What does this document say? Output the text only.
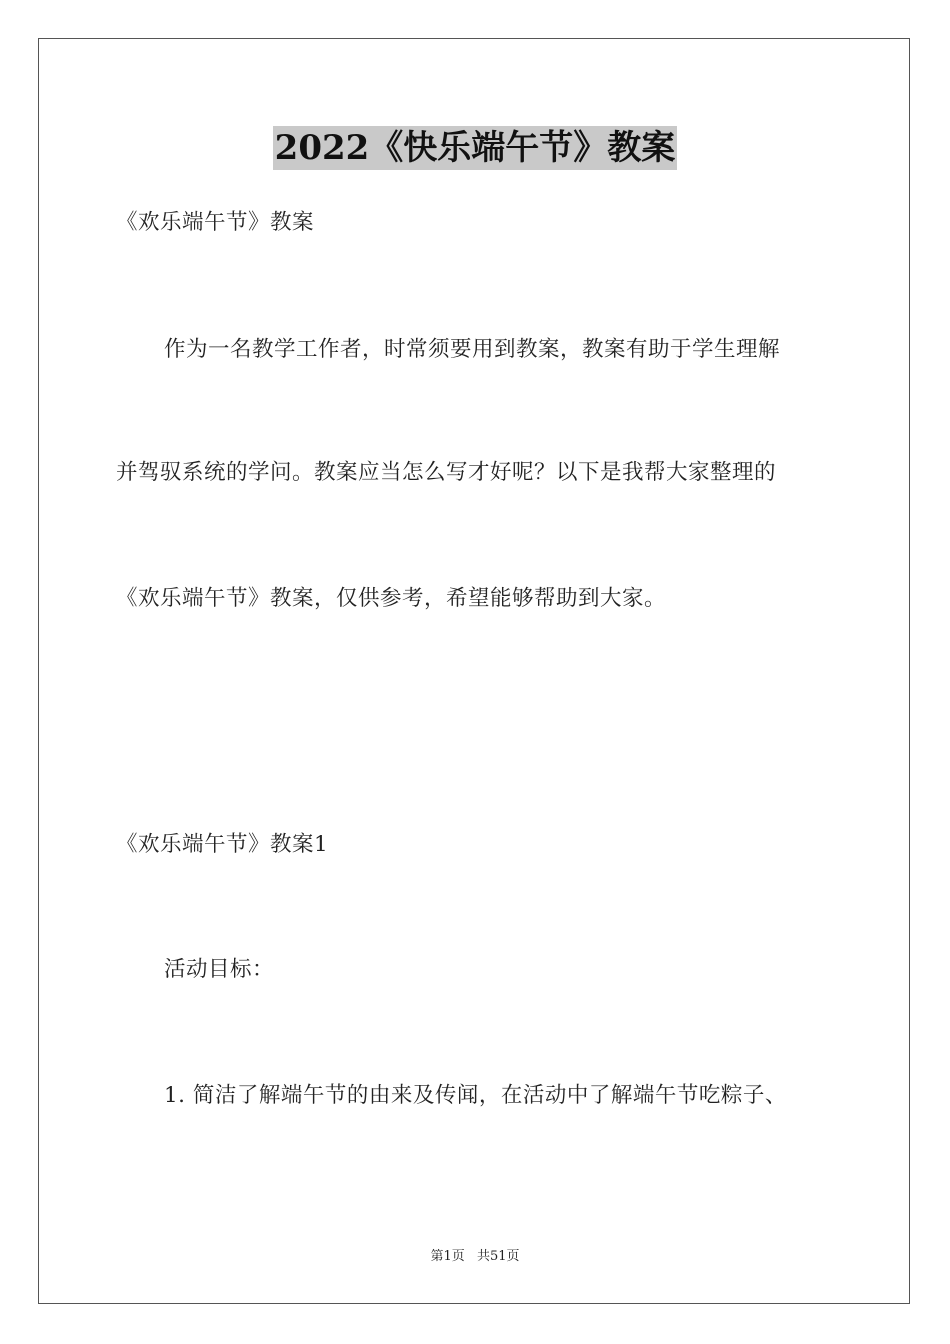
2022《快乐端午节》教案
《欢乐端午节》教案
作为一名教学工作者，时常须要用到教案，教案有助于学生理解
并驾驭系统的学问。教案应当怎么写才好呢？以下是我帮大家整理的
《欢乐端午节》教案，仅供参考，希望能够帮助到大家。
《欢乐端午节》教案1
活动目标：
1. 简洁了解端午节的由来及传闻，在活动中了解端午节吃粽子、
第1页 共51页
